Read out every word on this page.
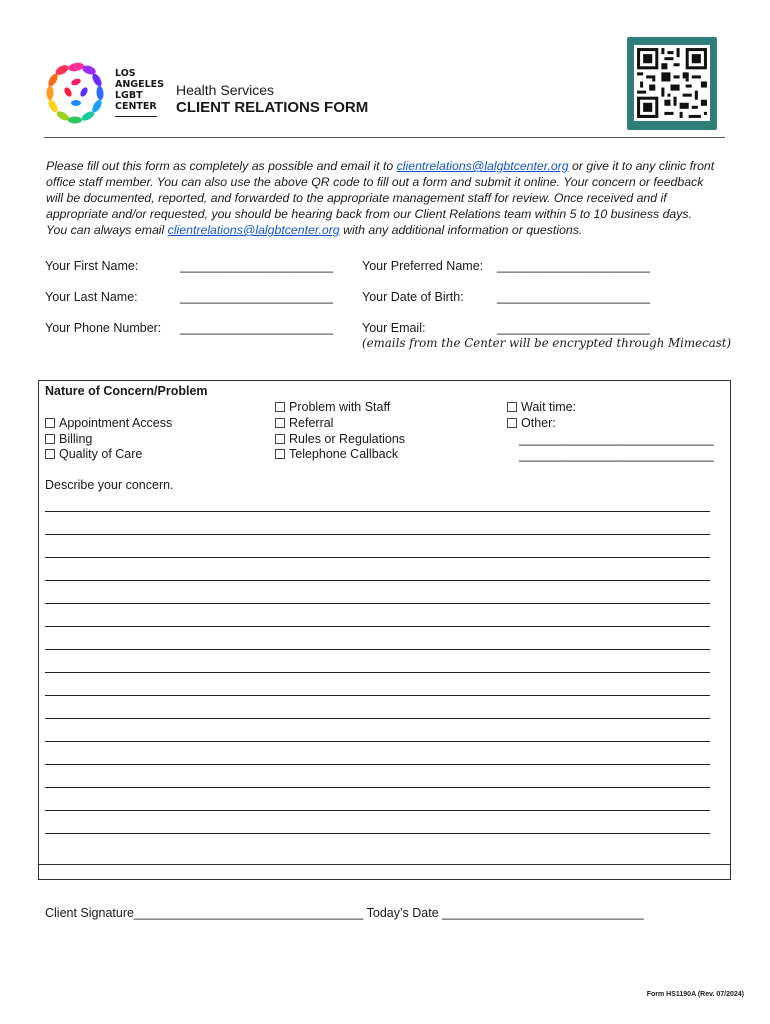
LOS
ANGELES
LGBT
CENTER
Health Services
CLIENT RELATIONS FORM
Please fill out this form as completely as possible and email it to clientrelations@lalgbtcenter.org or give it to any clinic front office staff member. You can also use the above QR code to fill out a form and submit it online. Your concern or feedback will be documented, reported, and forwarded to the appropriate management staff for review. Once received and if appropriate and/or requested, you should be hearing back from our Client Relations team within 5 to 10 business days. You can always email clientrelations@lalgbtcenter.org with any additional information or questions.
Your First Name:	______________________ Your Preferred Name: ______________________
Your Last Name:	______________________ Your Date of Birth:	______________________
Your Phone Number: ______________________ Your Email:	______________________
(emails from the Center will be encrypted through Mimecast)
Nature of Concern/Problem
Appointment Access
Billing
Quality of Care
Problem with Staff
Referral
Rules or Regulations
Telephone Callback
Wait time:
Other:
____________________________
____________________________
Describe your concern.
Client Signature_________________________________ Today’s Date _____________________________
Form HS1190A (Rev. 07/2024)
